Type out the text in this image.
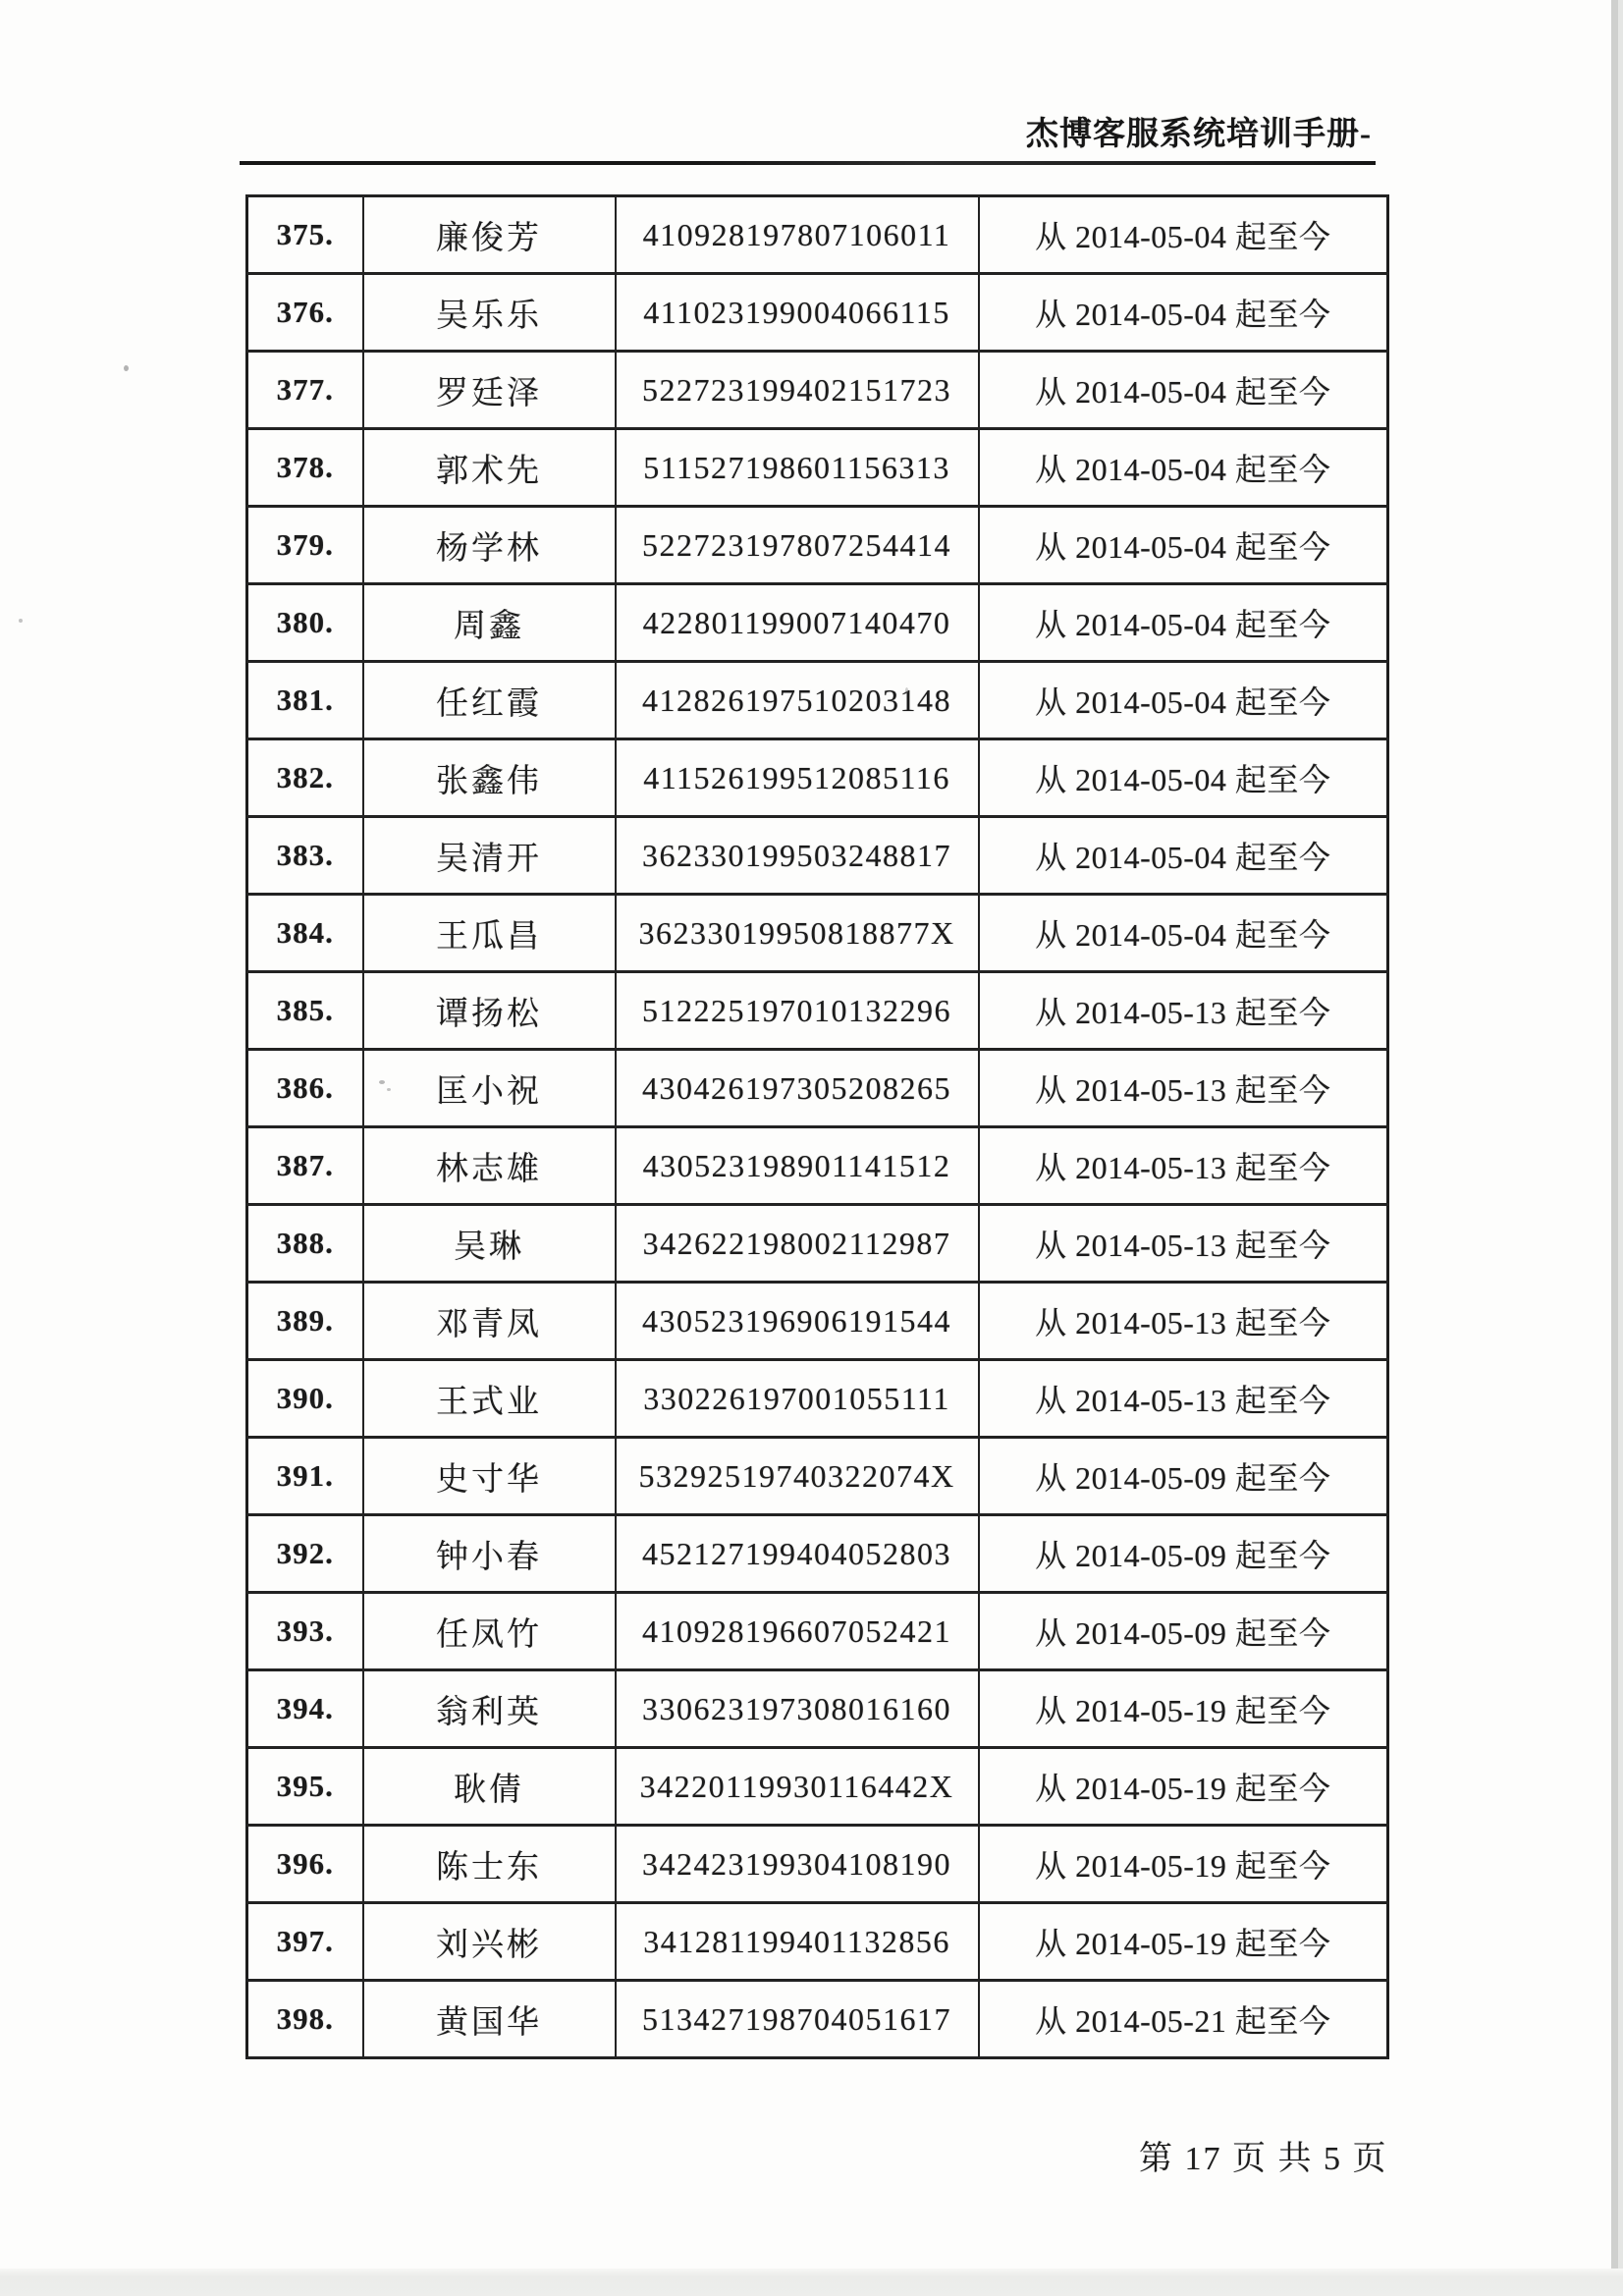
杰博客服系统培训手册-
375.	廉俊芳	410928197807106011	从 2014-05-04 起至今
376.	吴乐乐	411023199004066115	从 2014-05-04 起至今
377.	罗廷泽	522723199402151723	从 2014-05-04 起至今
378.	郭术先	511527198601156313	从 2014-05-04 起至今
379.	杨学林	522723197807254414	从 2014-05-04 起至今
380.	周鑫	422801199007140470	从 2014-05-04 起至今
381.	任红霞	412826197510203148	从 2014-05-04 起至今
382.	张鑫伟	411526199512085116	从 2014-05-04 起至今
383.	吴清开	362330199503248817	从 2014-05-04 起至今
384.	王瓜昌	36233019950818877X	从 2014-05-04 起至今
385.	谭扬松	512225197010132296	从 2014-05-13 起至今
386.	匡小祝	430426197305208265	从 2014-05-13 起至今
387.	林志雄	430523198901141512	从 2014-05-13 起至今
388.	吴琳	342622198002112987	从 2014-05-13 起至今
389.	邓青凤	430523196906191544	从 2014-05-13 起至今
390.	王式业	330226197001055111	从 2014-05-13 起至今
391.	史寸华	53292519740322074X	从 2014-05-09 起至今
392.	钟小春	452127199404052803	从 2014-05-09 起至今
393.	任凤竹	410928196607052421	从 2014-05-09 起至今
394.	翁利英	330623197308016160	从 2014-05-19 起至今
395.	耿倩	34220119930116442X	从 2014-05-19 起至今
396.	陈士东	342423199304108190	从 2014-05-19 起至今
397.	刘兴彬	341281199401132856	从 2014-05-19 起至今
398.	黄国华	513427198704051617	从 2014-05-21 起至今
第 17 页 共 5 页
